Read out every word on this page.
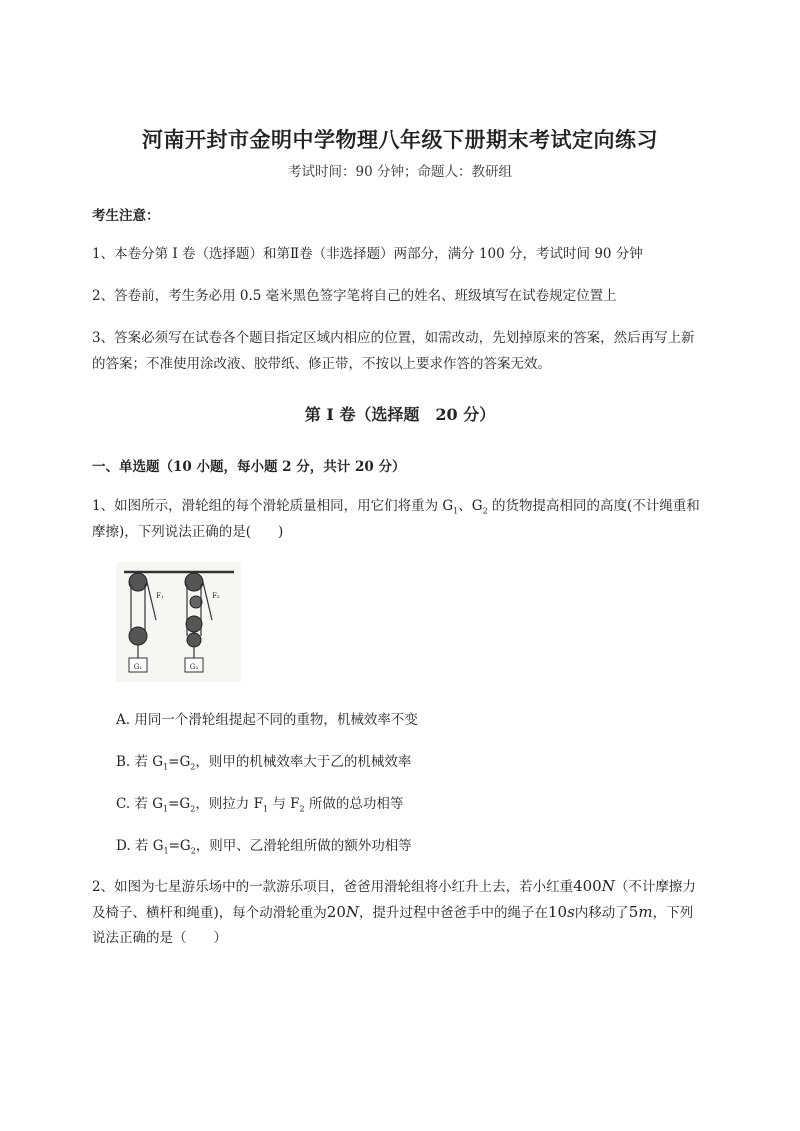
河南开封市金明中学物理八年级下册期末考试定向练习
考试时间：90 分钟；命题人：教研组
考生注意：
1、本卷分第 I 卷（选择题）和第Ⅱ卷（非选择题）两部分，满分 100 分，考试时间 90 分钟
2、答卷前，考生务必用 0.5 毫米黑色签字笔将自己的姓名、班级填写在试卷规定位置上
3、答案必须写在试卷各个题目指定区域内相应的位置，如需改动，先划掉原来的答案，然后再写上新
的答案；不准使用涂改液、胶带纸、修正带，不按以上要求作答的答案无效。
第 I 卷（选择题　20 分）
一、单选题（10 小题，每小题 2 分，共计 20 分）
1、如图所示，滑轮组的每个滑轮质量相同，用它们将重为 $G_1$、$G_2$ 的货物提高相同的高度(不计绳重和
摩擦)，下列说法正确的是(　　)
G₁
F₁
G₂
F₂
A. 用同一个滑轮组提起不同的重物，机械效率不变
B. 若 $G_1=G_2$，则甲的机械效率大于乙的机械效率
C. 若 $G_1=G_2$，则拉力 $F_1$ 与 $F_2$ 所做的总功相等
D. 若 $G_1=G_2$，则甲、乙滑轮组所做的额外功相等
2、如图为七星游乐场中的一款游乐项目，爸爸用滑轮组将小红升上去，若小红重400N（不计摩擦力
及椅子、横杆和绳重)，每个动滑轮重为20N，提升过程中爸爸手中的绳子在10s内移动了5m，下列
说法正确的是（　　）
